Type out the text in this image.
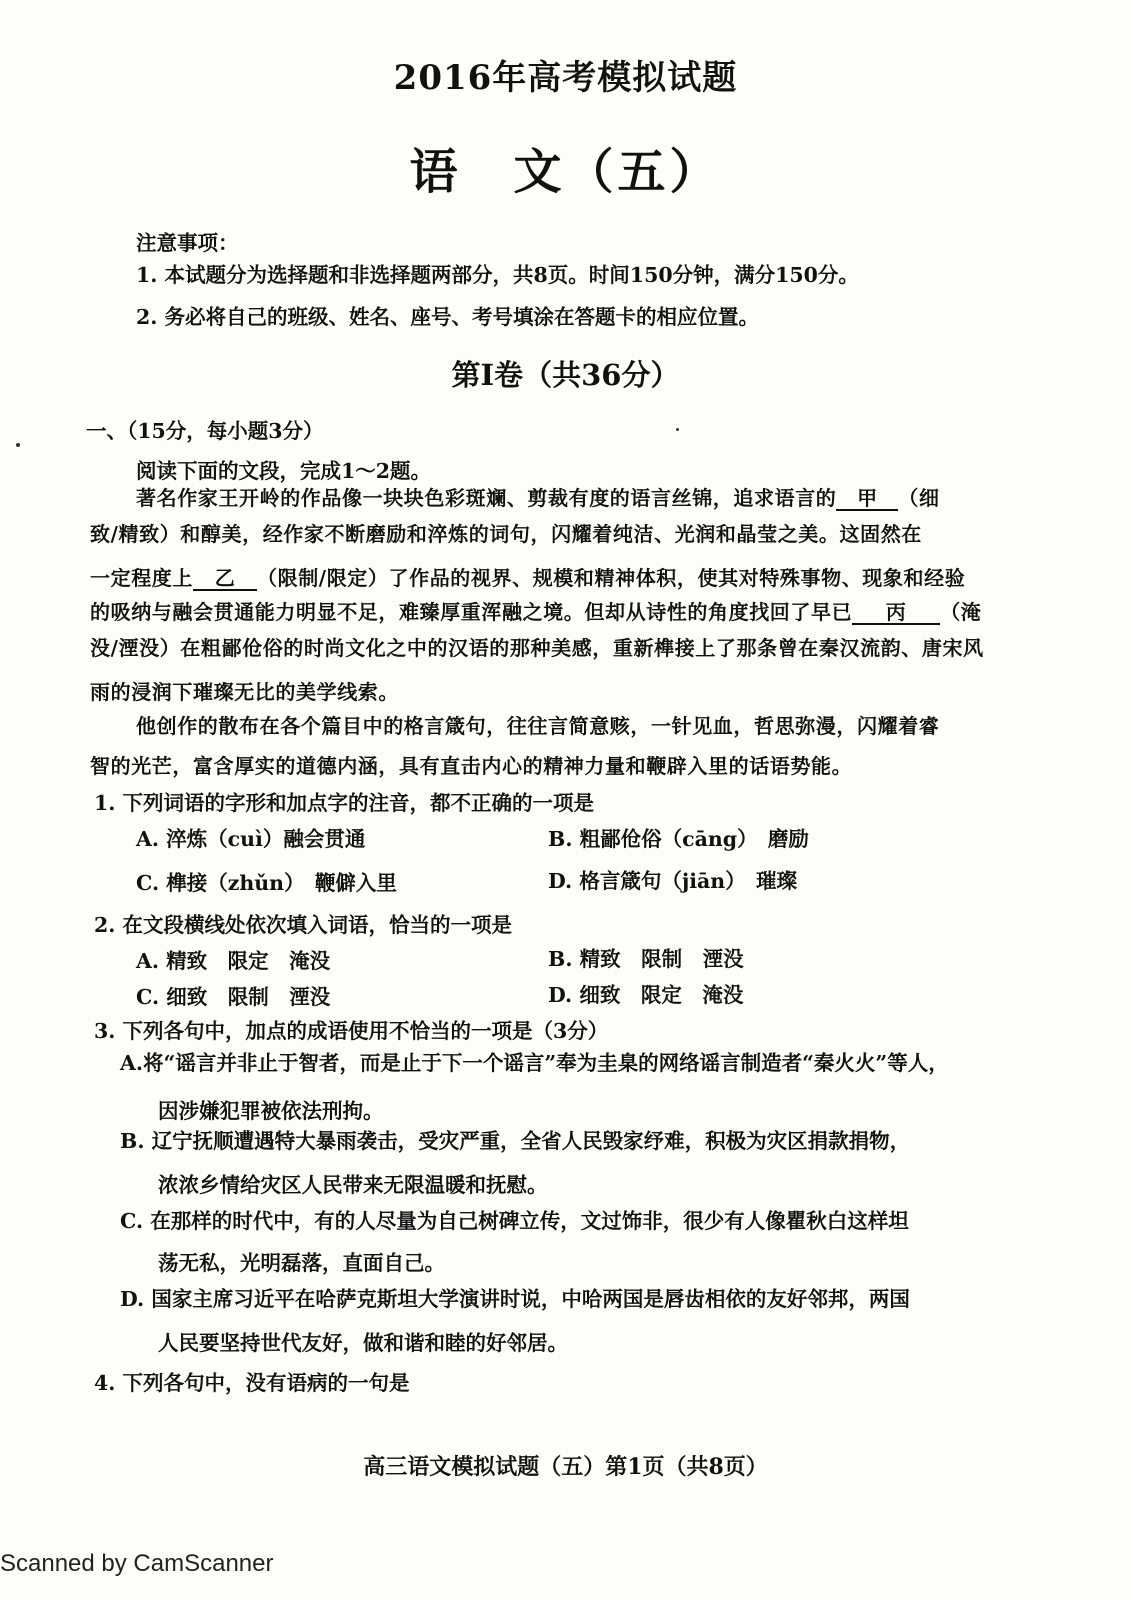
2016年高考模拟试题
语　文（五）
注意事项：
1. 本试题分为选择题和非选择题两部分，共8页。时间150分钟，满分150分。
2. 务必将自己的班级、姓名、座号、考号填涂在答题卡的相应位置。
第I卷（共36分）
一、（15分，每小题3分）
阅读下面的文段，完成1～2题。
著名作家王开岭的作品像一块块色彩斑斓、剪裁有度的语言丝锦，追求语言的 甲 （细
致/精致）和醇美，经作家不断磨励和淬炼的词句，闪耀着纯洁、光润和晶莹之美。这固然在
一定程度上 乙 （限制/限定）了作品的视界、规模和精神体积，使其对特殊事物、现象和经验
的吸纳与融会贯通能力明显不足，难臻厚重浑融之境。但却从诗性的角度找回了早已 丙 （淹
没/湮没）在粗鄙伧俗的时尚文化之中的汉语的那种美感，重新榫接上了那条曾在秦汉流韵、唐宋风
雨的浸润下璀璨无比的美学线索。
他创作的散布在各个篇目中的格言箴句，往往言简意赅，一针见血，哲思弥漫，闪耀着睿
智的光芒，富含厚实的道德内涵，具有直击内心的精神力量和鞭辟入里的话语势能。
1. 下列词语的字形和加点字的注音，都不正确的一项是
A. 淬炼（cuì）融会贯通	B. 粗鄙伧俗（cāng）　磨励
C. 榫接（zhǔn）　鞭僻入里	D. 格言箴句（jiān）　璀璨
2. 在文段横线处依次填入词语，恰当的一项是
A. 精致　限定　淹没	B. 精致　限制　湮没
C. 细致　限制　湮没	D. 细致　限定　淹没
3. 下列各句中，加点的成语使用不恰当的一项是（3分）
A.将“谣言并非止于智者，而是止于下一个谣言”奉为圭臬的网络谣言制造者“秦火火”等人，
因涉嫌犯罪被依法刑拘。
B. 辽宁抚顺遭遇特大暴雨袭击，受灾严重，全省人民毁家纾难，积极为灾区捐款捐物，
浓浓乡情给灾区人民带来无限温暖和抚慰。
C. 在那样的时代中，有的人尽量为自己树碑立传，文过饰非，很少有人像瞿秋白这样坦
荡无私，光明磊落，直面自己。
D. 国家主席习近平在哈萨克斯坦大学演讲时说，中哈两国是唇齿相依的友好邻邦，两国
人民要坚持世代友好，做和谐和睦的好邻居。
4. 下列各句中，没有语病的一句是
高三语文模拟试题（五）第1页（共8页）
Scanned by CamScanner
